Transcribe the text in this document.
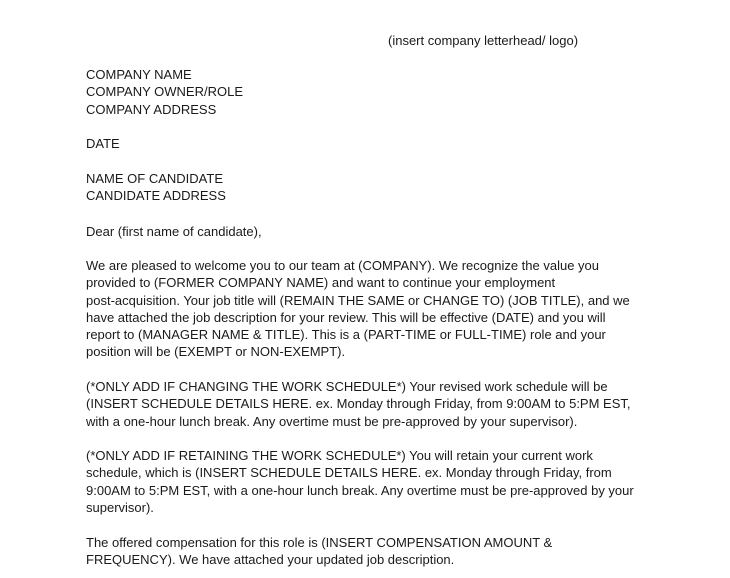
(insert company letterhead/ logo)
COMPANY NAME
COMPANY OWNER/ROLE
COMPANY ADDRESS
DATE
NAME OF CANDIDATE
CANDIDATE ADDRESS
Dear (first name of candidate),
We are pleased to welcome you to our team at (COMPANY). We recognize the value you
provided to (FORMER COMPANY NAME) and want to continue your employment
post-acquisition. Your job title will (REMAIN THE SAME or CHANGE TO) (JOB TITLE), and we
have attached the job description for your review. This will be effective (DATE) and you will
report to (MANAGER NAME & TITLE). This is a (PART-TIME or FULL-TIME) role and your
position will be (EXEMPT or NON-EXEMPT).
(*ONLY ADD IF CHANGING THE WORK SCHEDULE*) Your revised work schedule will be
(INSERT SCHEDULE DETAILS HERE. ex. Monday through Friday, from 9:00AM to 5:PM EST,
with a one-hour lunch break. Any overtime must be pre-approved by your supervisor).
(*ONLY ADD IF RETAINING THE WORK SCHEDULE*) You will retain your current work
schedule, which is (INSERT SCHEDULE DETAILS HERE. ex. Monday through Friday, from
9:00AM to 5:PM EST, with a one-hour lunch break. Any overtime must be pre-approved by your
supervisor).
The offered compensation for this role is (INSERT COMPENSATION AMOUNT &
FREQUENCY). We have attached your updated job description.
